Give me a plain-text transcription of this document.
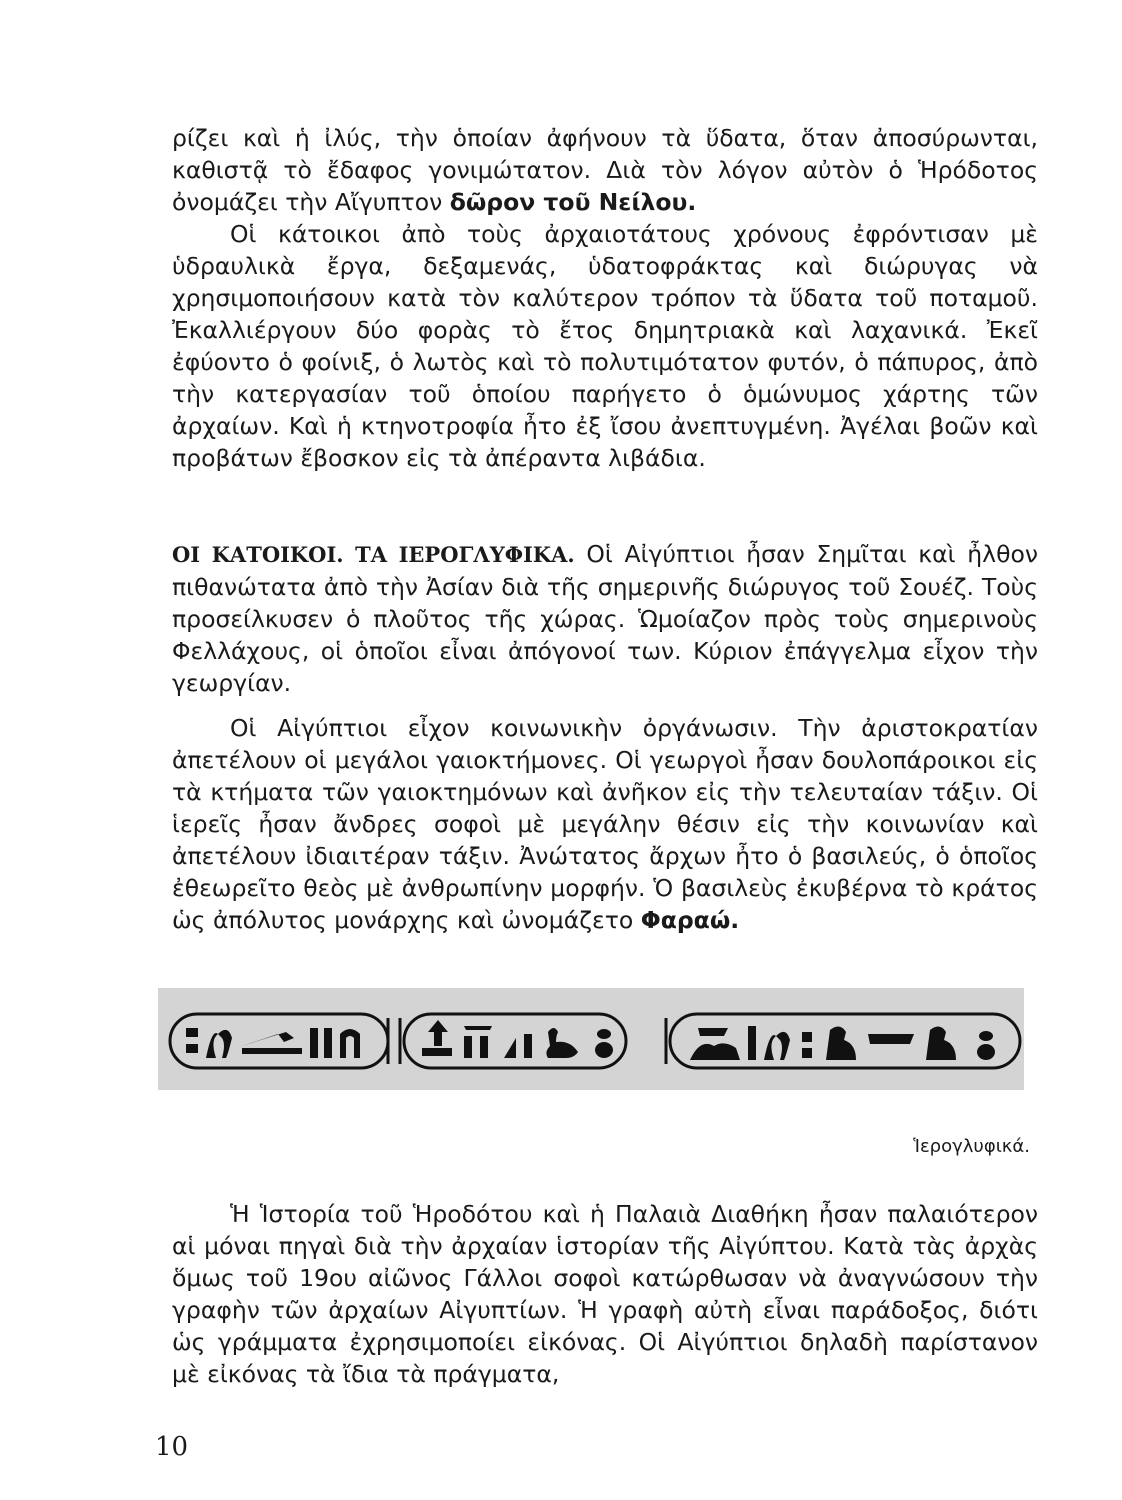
ρίζει καὶ ἡ ἰλύς, τὴν ὁποίαν ἀφήνουν τὰ ὕδατα, ὅταν ἀποσύρωνται, καθιστᾷ τὸ ἔδαφος γονιμώτατον. Διὰ τὸν λόγον αὐτὸν ὁ Ἡρόδοτος ὀνομάζει τὴν Αἴγυπτον δῶρον τοῦ Νείλου.

Οἱ κάτοικοι ἀπὸ τοὺς ἀρχαιοτάτους χρόνους ἐφρόντισαν μὲ ὑδραυλικὰ ἔργα, δεξαμενάς, ὑδατοφράκτας καὶ διώρυγας νὰ χρησιμοποιήσουν κατὰ τὸν καλύτερον τρόπον τὰ ὕδατα τοῦ ποταμοῦ. Ἐκαλλιέργουν δύο φορὰς τὸ ἔτος δημητριακὰ καὶ λαχανικά. Ἐκεῖ ἐφύοντο ὁ φοίνιξ, ὁ λωτὸς καὶ τὸ πολυτιμότατον φυτόν, ὁ πάπυρος, ἀπὸ τὴν κατεργασίαν τοῦ ὁποίου παρήγετο ὁ ὁμώνυμος χάρτης τῶν ἀρχαίων. Καὶ ἡ κτηνοτροφία ἦτο ἐξ ἴσου ἀνεπτυγμένη. Ἀγέλαι βοῶν καὶ προβάτων ἔβοσκον εἰς τὰ ἀπέραντα λιβάδια.

ΟΙ ΚΑΤΟΙΚΟΙ. ΤΑ ΙΕΡΟΓΛΥΦΙΚΑ. Οἱ Αἰγύπτιοι ἦσαν Σημῖται καὶ ἦλθον πιθανώτατα ἀπὸ τὴν Ἀσίαν διὰ τῆς σημερινῆς διώρυγος τοῦ Σουέζ. Τοὺς προσείλκυσεν ὁ πλοῦτος τῆς χώρας. Ὡμοίαζον πρὸς τοὺς σημερινοὺς Φελλάχους, οἱ ὁποῖοι εἶναι ἀπόγονοί των. Κύριον ἐπάγγελμα εἶχον τὴν γεωργίαν.

Οἱ Αἰγύπτιοι εἶχον κοινωνικὴν ὀργάνωσιν. Τὴν ἀριστοκρατίαν ἀπετέλουν οἱ μεγάλοι γαιοκτήμονες. Οἱ γεωργοὶ ἦσαν δουλοπάροικοι εἰς τὰ κτήματα τῶν γαιοκτημόνων καὶ ἀνῆκον εἰς τὴν τελευταίαν τάξιν. Οἱ ἱερεῖς ἦσαν ἄνδρες σοφοὶ μὲ μεγάλην θέσιν εἰς τὴν κοινωνίαν καὶ ἀπετέλουν ἰδιαιτέραν τάξιν. Ἀνώτατος ἄρχων ἦτο ὁ βασιλεύς, ὁ ὁποῖος ἐθεωρεῖτο θεὸς μὲ ἀνθρωπίνην μορφήν. Ὁ βασιλεὺς ἐκυβέρνα τὸ κράτος ὡς ἀπόλυτος μονάρχης καὶ ὠνομάζετο Φαραώ.

Ἱερογλυφικά.

Ἡ Ἱστορία τοῦ Ἡροδότου καὶ ἡ Παλαιὰ Διαθήκη ἦσαν παλαιότερον αἱ μόναι πηγαὶ διὰ τὴν ἀρχαίαν ἱστορίαν τῆς Αἰγύπτου. Κατὰ τὰς ἀρχὰς ὅμως τοῦ 19ου αἰῶνος Γάλλοι σοφοὶ κατώρθωσαν νὰ ἀναγνώσουν τὴν γραφὴν τῶν ἀρχαίων Αἰγυπτίων. Ἡ γραφὴ αὐτὴ εἶναι παράδοξος, διότι ὡς γράμματα ἐχρησιμοποίει εἰκόνας. Οἱ Αἰγύπτιοι δηλαδὴ παρίστανον μὲ εἰκόνας τὰ ἴδια τὰ πράγματα,

10
